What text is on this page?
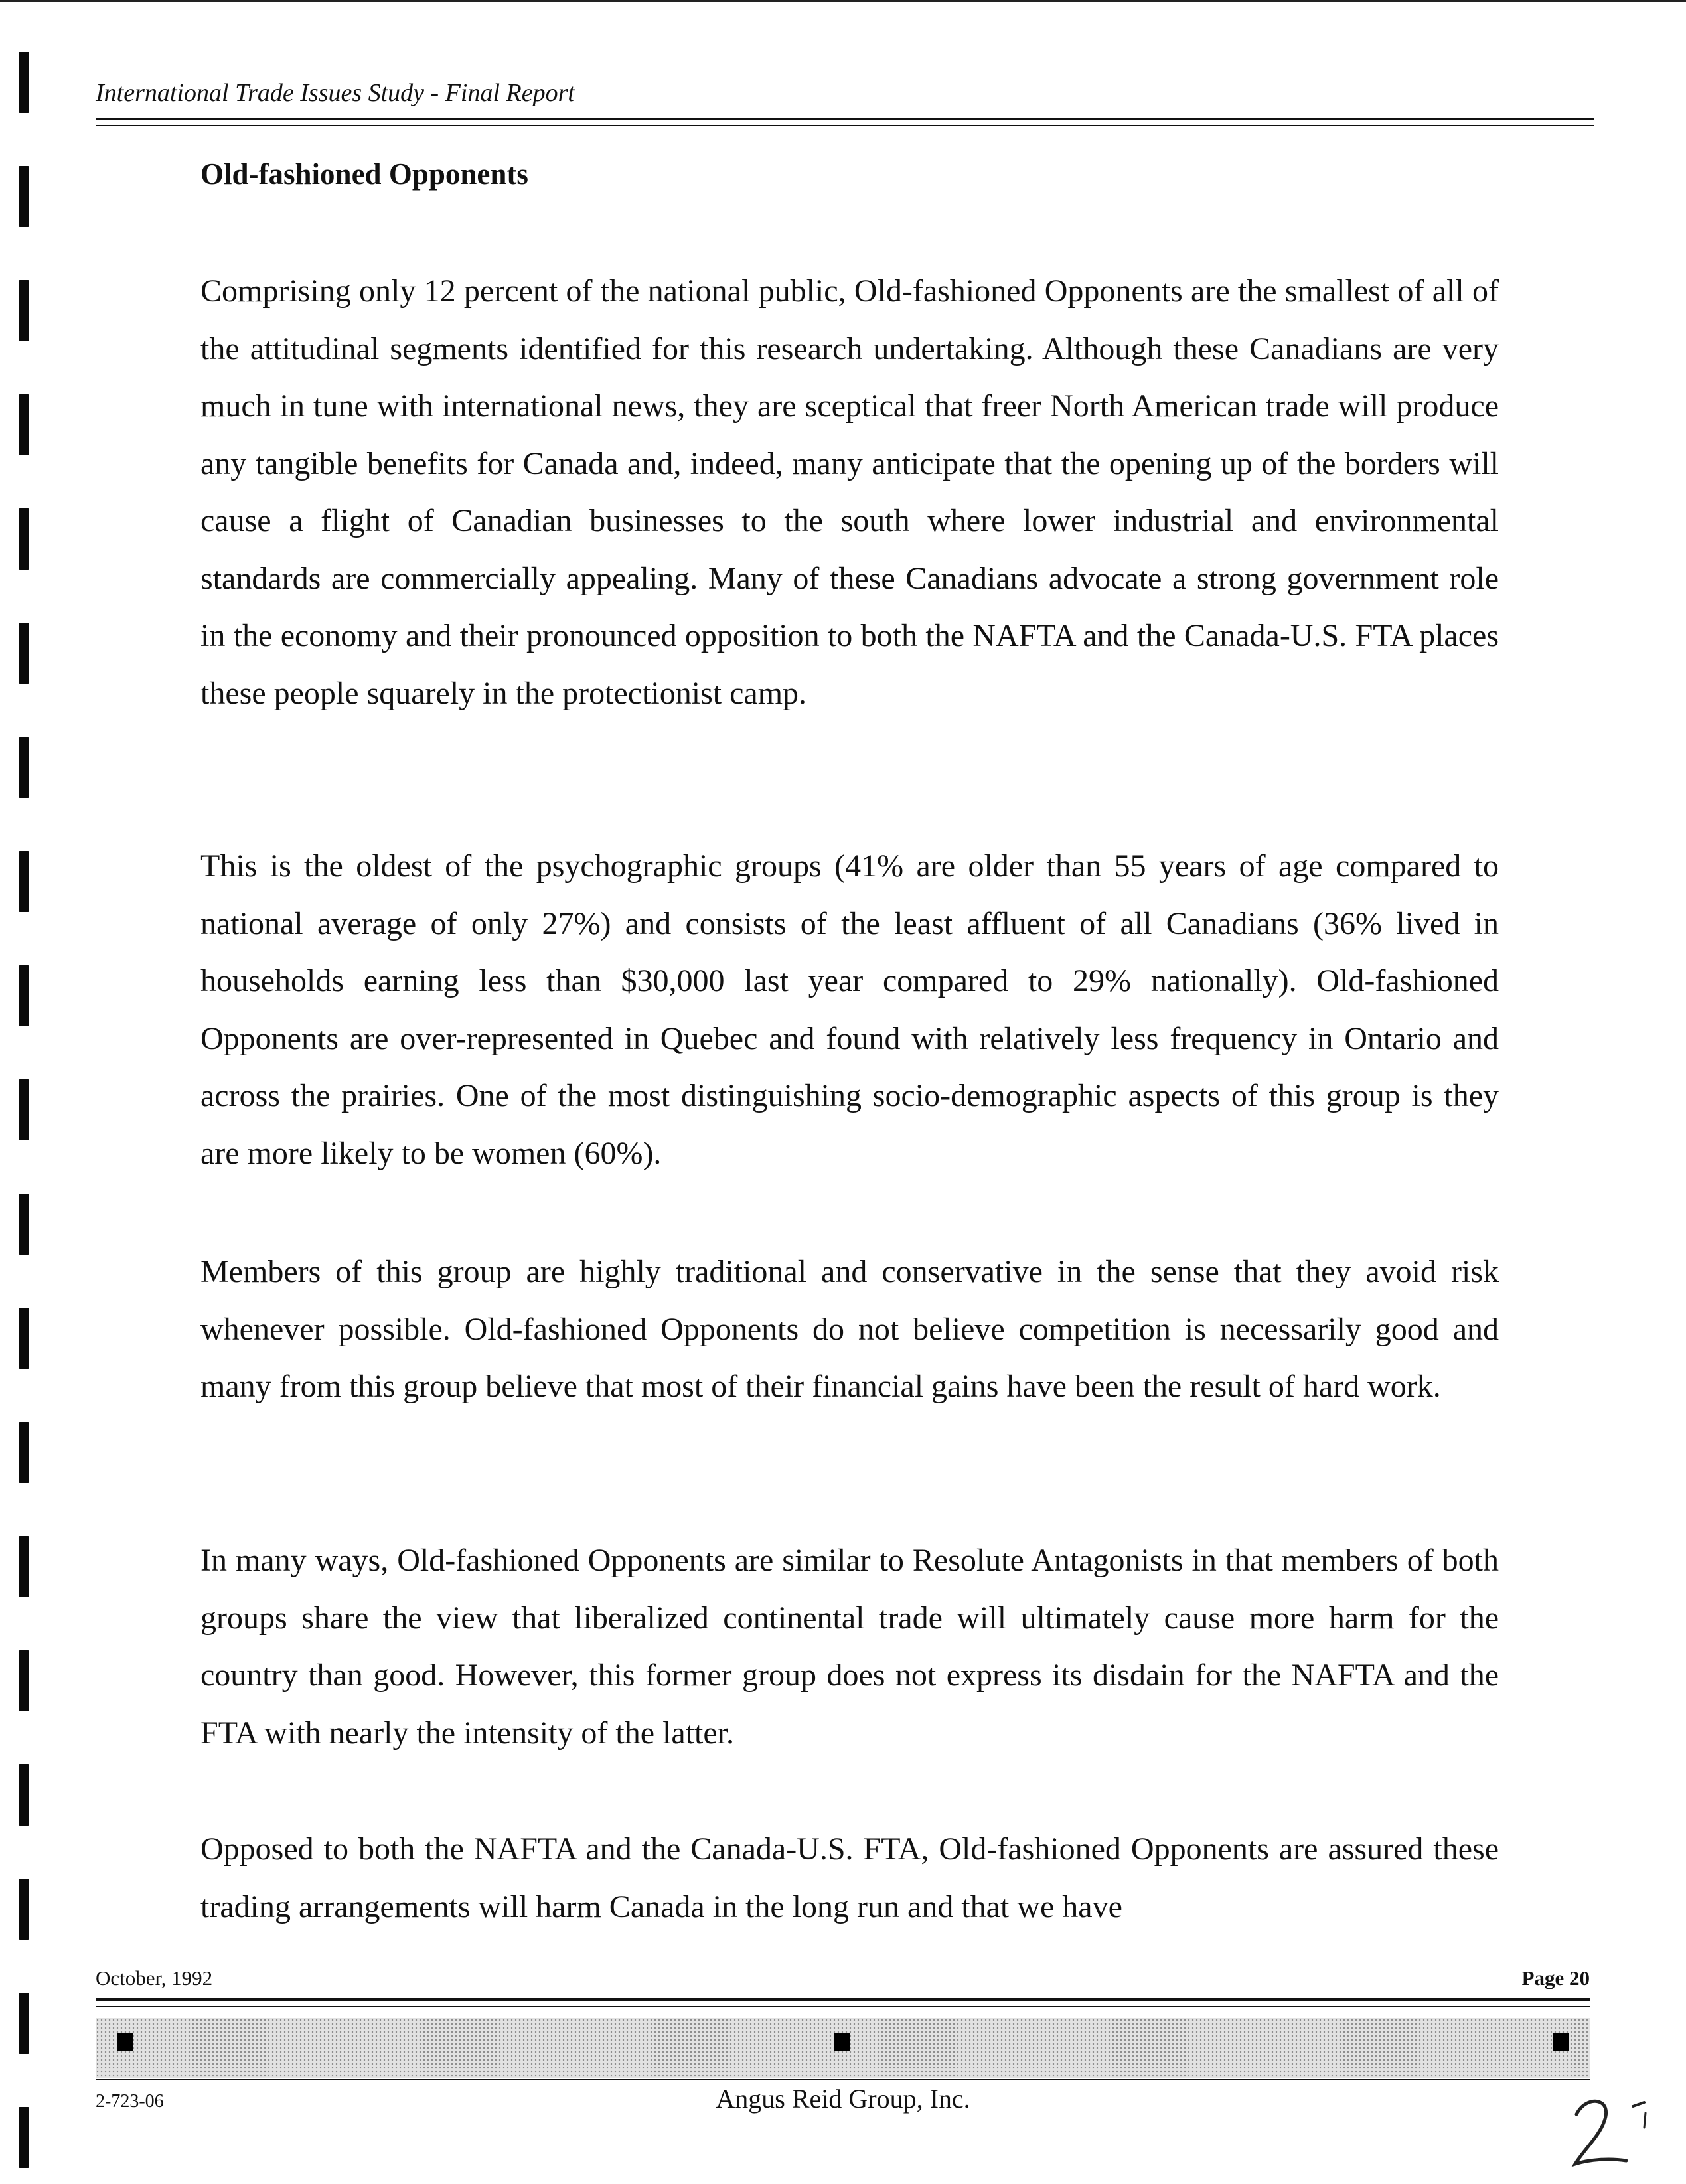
International Trade Issues Study - Final Report
Old-fashioned Opponents

Comprising only 12 percent of the national public, Old-fashioned Opponents are the smallest of all of the attitudinal segments identified for this research undertaking. Although these Canadians are very much in tune with international news, they are sceptical that freer North American trade will produce any tangible benefits for Canada and, indeed, many anticipate that the opening up of the borders will cause a flight of Canadian businesses to the south where lower industrial and environmental standards are commercially appealing. Many of these Canadians advocate a strong government role in the economy and their pronounced opposition to both the NAFTA and the Canada-U.S. FTA places these people squarely in the protectionist camp.

This is the oldest of the psychographic groups (41% are older than 55 years of age compared to national average of only 27%) and consists of the least affluent of all Canadians (36% lived in households earning less than $30,000 last year compared to 29% nationally). Old-fashioned Opponents are over-represented in Quebec and found with relatively less frequency in Ontario and across the prairies. One of the most distinguishing socio-demographic aspects of this group is they are more likely to be women (60%).

Members of this group are highly traditional and conservative in the sense that they avoid risk whenever possible. Old-fashioned Opponents do not believe competition is necessarily good and many from this group believe that most of their financial gains have been the result of hard work.

In many ways, Old-fashioned Opponents are similar to Resolute Antagonists in that members of both groups share the view that liberalized continental trade will ultimately cause more harm for the country than good. However, this former group does not express its disdain for the NAFTA and the FTA with nearly the intensity of the latter.

Opposed to both the NAFTA and the Canada-U.S. FTA, Old-fashioned Opponents are assured these trading arrangements will harm Canada in the long run and that we have

October, 1992	Page 20
2-723-06	Angus Reid Group, Inc.
